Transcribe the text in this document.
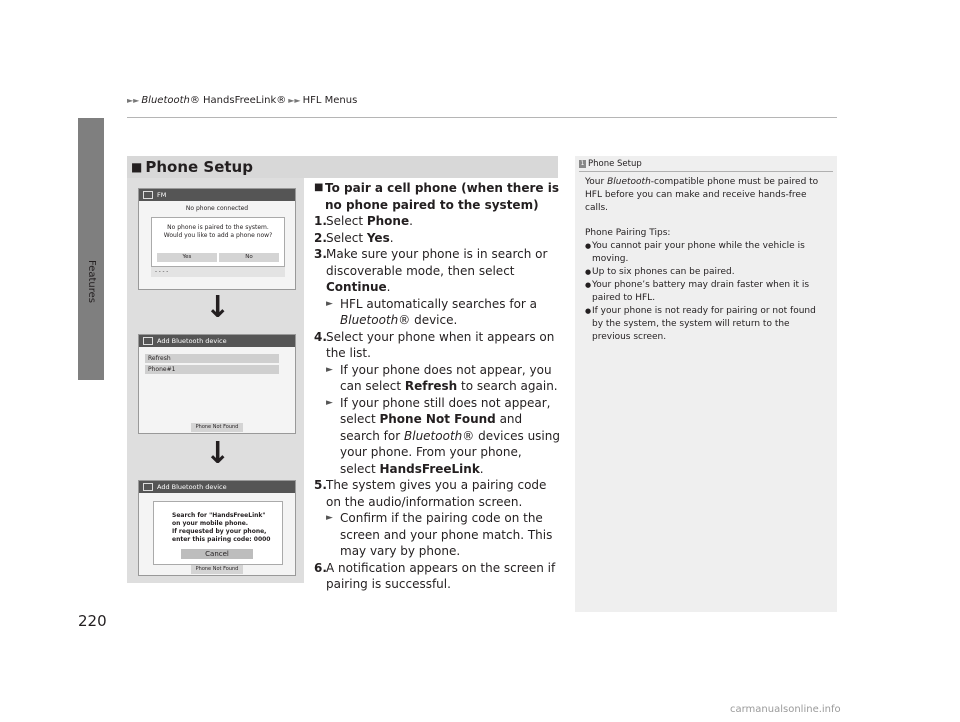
►► Bluetooth ® HandsFreeLink® ►► HFL Menus
Features
■ Phone Setup	1 Phone Setup

Your Bluetooth-compatible phone must be paired to HFL before you can make and receive hands-free calls.

Phone Pairing Tips:
● You cannot pair your phone while the vehicle is moving.
● Up to six phones can be paired.
● Your phone’s battery may drain faster when it is paired to HFL.
● If your phone is not ready for pairing or not found by the system, the system will return to the previous screen.
FM
No phone connected
No phone is paired to the system.
Would you like to add a phone now?
Yes	No
- - - -
↓
Add Bluetooth device
Refresh
Phone#1
Phone Not Found
↓
Add Bluetooth device
Search for "HandsFreeLink"
on your mobile phone.
If requested by your phone,
enter this pairing code: 0000
Cancel
Phone Not Found
■ To pair a cell phone (when there is no phone paired to the system)
1. Select Phone.
2. Select Yes.
3. Make sure your phone is in search or discoverable mode, then select Continue.
► HFL automatically searches for a Bluetooth® device.
4. Select your phone when it appears on the list.
► If your phone does not appear, you can select Refresh to search again.
► If your phone still does not appear, select Phone Not Found and search for Bluetooth® devices using your phone. From your phone, select HandsFreeLink.
5. The system gives you a pairing code on the audio/information screen.
► Confirm if the pairing code on the screen and your phone match. This may vary by phone.
6. A notification appears on the screen if pairing is successful.
220
carmanualsonline.info
